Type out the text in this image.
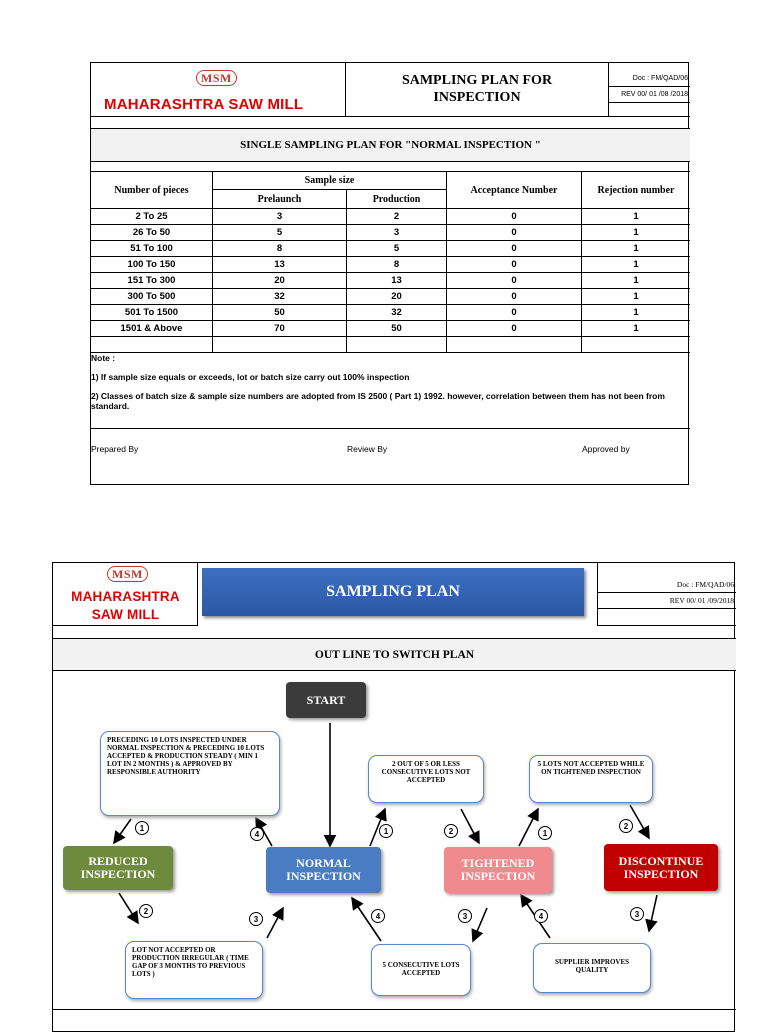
MSM
MAHARASHTRA SAW MILL
SAMPLING PLAN FOR
INSPECTION
Doc : FM/QAD/06
REV 00/ 01 /08 /2018
SINGLE SAMPLING PLAN FOR "NORMAL INSPECTION "
Number of pieces
Sample size
Prelaunch	Production
Acceptance Number	Rejection number
2 To 25	3	2	0	1
26 To 50	5	3	0	1
51 To 100	8	5	0	1
100 To 150	13	8	0	1
151 To 300	20	13	0	1
300 To 500	32	20	0	1
501 To 1500	50	32	0	1
1501 & Above	70	50	0	1
Note :
1) If sample size equals or exceeds, lot or batch size carry out 100% inspection
2) Classes of batch size & sample size numbers are adopted from IS 2500 ( Part 1) 1992. however, correlation between them has not been from standard.
Prepared By	Review By	Approved by
MSM
MAHARASHTRA
SAW MILL
SAMPLING PLAN	Doc : FM/QAD/06
REV 00/ 01 /09/2018
OUT LINE TO SWITCH PLAN
START
REDUCED
INSPECTION
NORMAL
INSPECTION
TIGHTENED
INSPECTION
DISCONTINUE
INSPECTION
PRECEDING 10 LOTS INSPECTED UNDER NORMAL INSPECTION & PRECEDING 10 LOTS ACCEPTED & PRODUCTION STEADY ( MIN 1 LOT IN 2 MONTHS ) & APPROVED BY RESPONSIBLE AUTHORITY
2 OUT OF 5 OR LESS CONSECUTIVE LOTS NOT ACCEPTED
5 LOTS NOT ACCEPTED WHILE ON TIGHTENED INSPECTION
LOT NOT ACCEPTED OR PRODUCTION IRREGULAR ( TIME GAP OF 3 MONTHS TO PREVIOUS LOTS )
5 CONSECUTIVE LOTS ACCEPTED
SUPPLIER IMPROVES QUALITY
1
4
2
3
1	2
4	3
1
2
4	3
